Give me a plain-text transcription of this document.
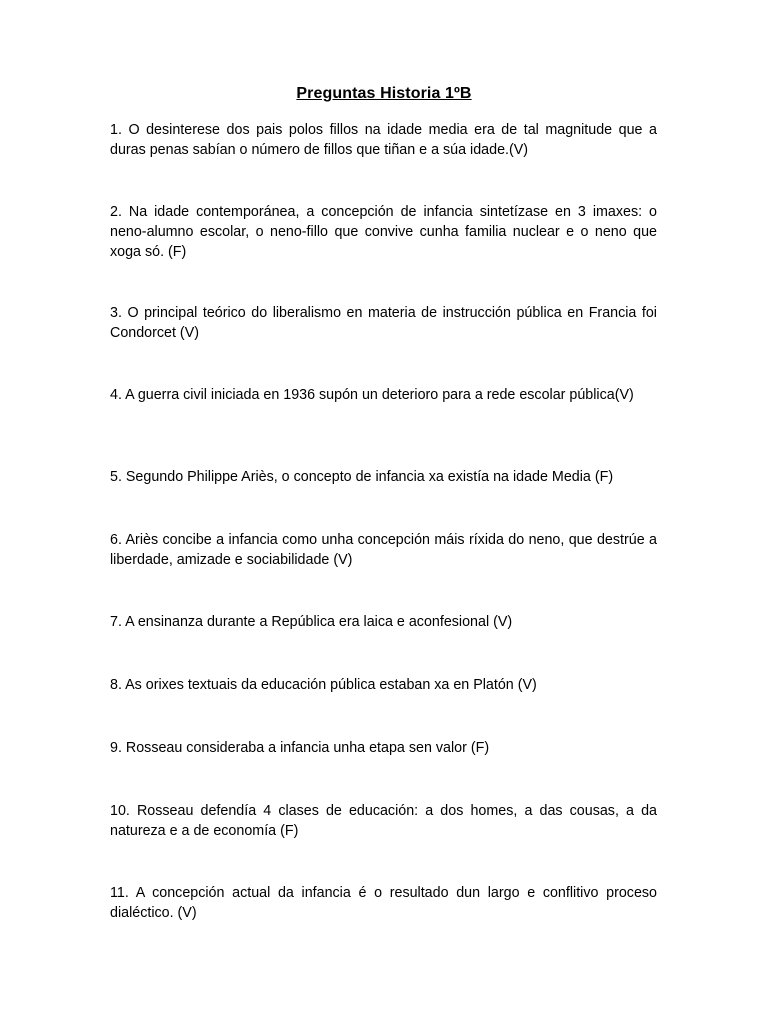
Preguntas Historia 1ºB

1. O desinterese dos pais polos fillos na idade media era de tal magnitude que a duras penas sabían o número de fillos que tiñan e a súa idade.(V)

2. Na idade contemporánea, a concepción de infancia sintetízase en 3 imaxes: o neno-alumno escolar, o neno-fillo que convive cunha familia nuclear e o neno que xoga só. (F)

3. O principal teórico do liberalismo en materia de instrucción pública en Francia foi Condorcet (V)

4. A guerra civil iniciada en 1936 supón un deterioro para a rede escolar pública(V)

5. Segundo Philippe Ariès, o concepto de infancia xa existía na idade Media (F)

6. Ariès concibe a infancia como unha concepción máis ríxida do neno, que destrúe a liberdade, amizade e sociabilidade (V)

7. A ensinanza durante a República era laica e aconfesional (V)

8. As orixes textuais da educación pública estaban xa en Platón (V)

9. Rosseau consideraba a infancia unha etapa sen valor (F)

10. Rosseau defendía 4 clases de educación: a dos homes, a das cousas, a da natureza e a de economía (F)

11. A concepción actual da infancia é o resultado dun largo e conflitivo proceso dialéctico. (V)
